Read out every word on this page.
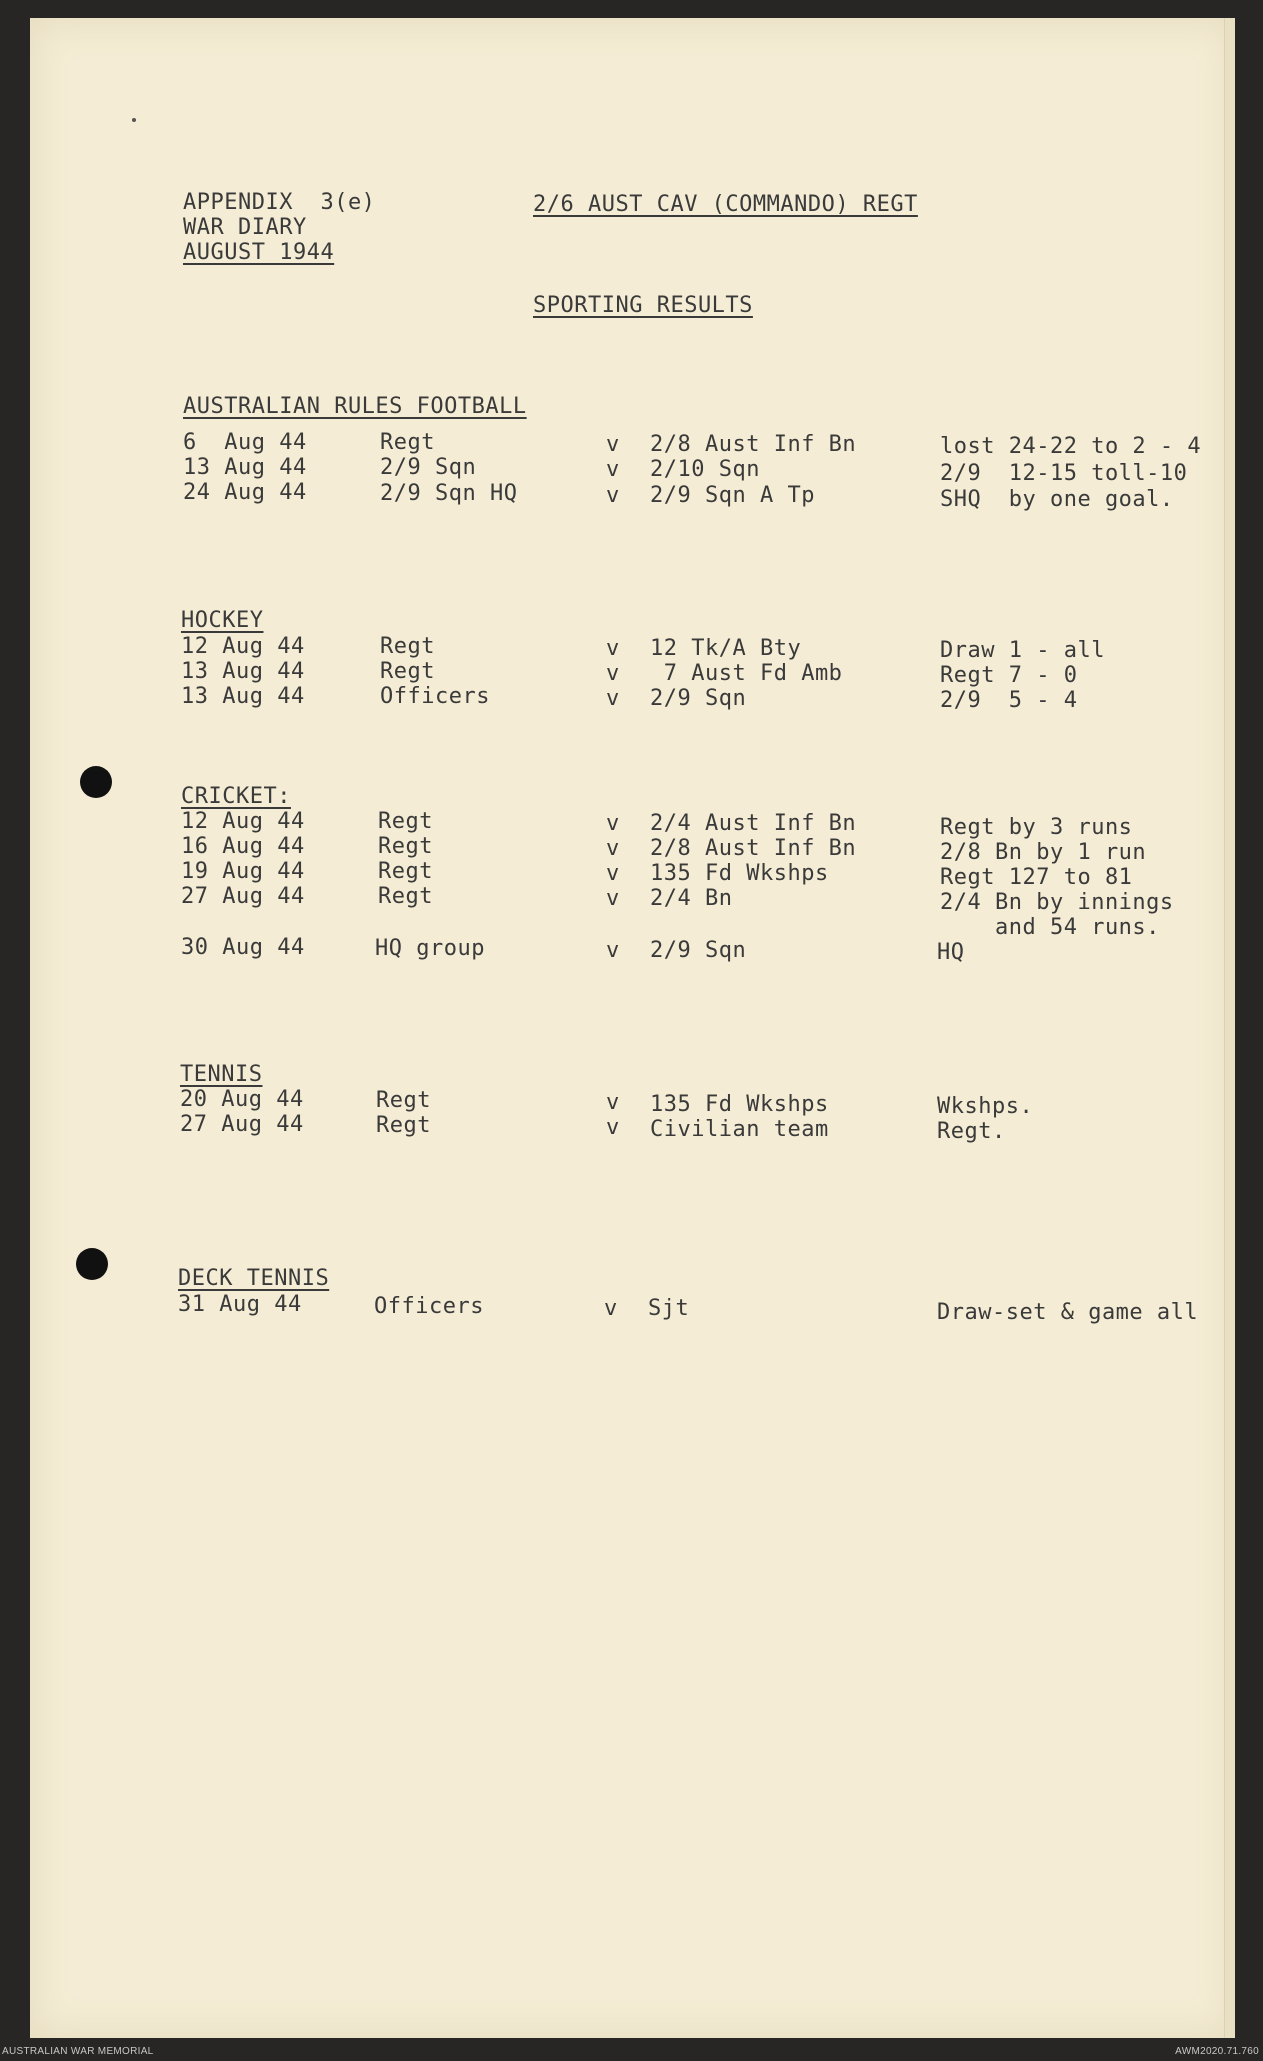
APPENDIX  3(e)
WAR DIARY
AUGUST 1944
2/6 AUST CAV (COMMANDO) REGT
SPORTING RESULTS
AUSTRALIAN RULES FOOTBALL
6  Aug 44	Regt	v 2/8 Aust Inf Bn	lost 24-22 to 2 - 4
13 Aug 44	2/9 Sqn	v 2/10 Sqn	2/9  12-15 toll-10
24 Aug 44	2/9 Sqn HQ	v 2/9 Sqn A Tp	SHQ  by one goal.
HOCKEY
12 Aug 44	Regt	v 12 Tk/A Bty	Draw 1 - all
13 Aug 44	Regt	v 7 Aust Fd Amb	Regt 7 - 0
13 Aug 44	Officers	v 2/9 Sqn	2/9  5 - 4
CRICKET:
12 Aug 44	Regt	v 2/4 Aust Inf Bn	Regt by 3 runs
16 Aug 44	Regt	v 2/8 Aust Inf Bn	2/8 Bn by 1 run
19 Aug 44	Regt	v 135 Fd Wkshps	Regt 127 to 81
27 Aug 44	Regt	v 2/4 Bn	2/4 Bn by innings
and 54 runs.
30 Aug 44	HQ group	v 2/9 Sqn	HQ
TENNIS
20 Aug 44	Regt	v 135 Fd Wkshps	Wkshps.
27 Aug 44	Regt	v Civilian team	Regt.
DECK TENNIS
31 Aug 44	Officers	v Sjt	Draw-set & game all
AUSTRALIAN WAR MEMORIAL	AWM2020.71.760
